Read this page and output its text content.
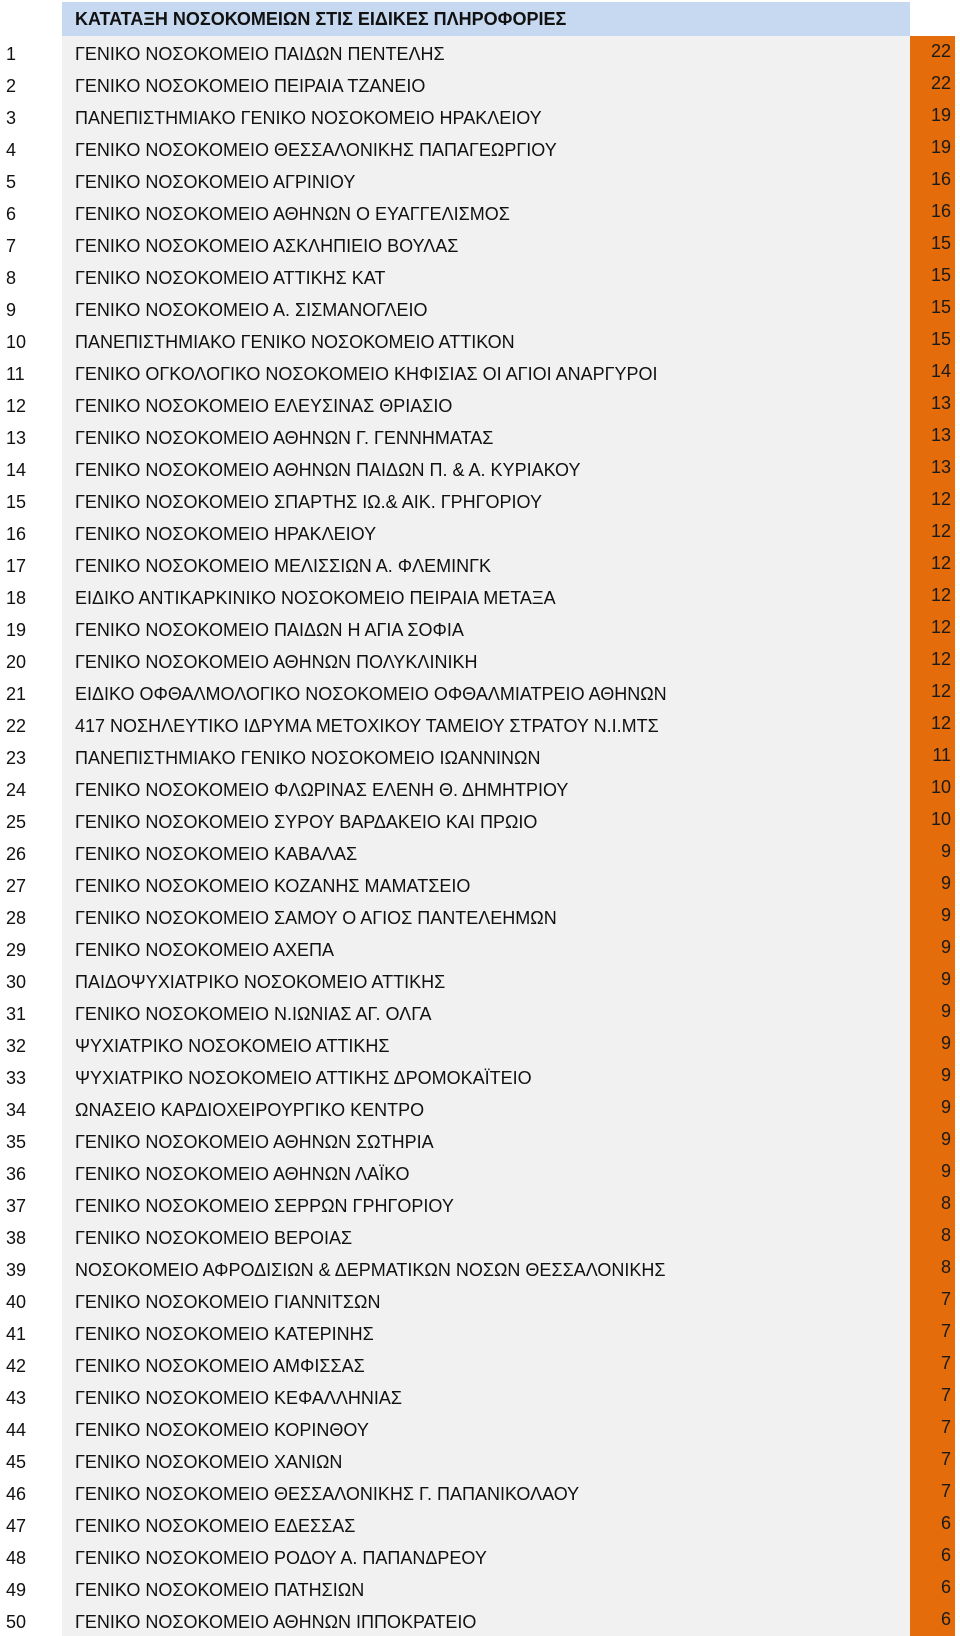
ΚΑΤΑΤΑΞΗ ΝΟΣΟΚΟΜΕΙΩΝ ΣΤΙΣ ΕΙΔΙΚΕΣ ΠΛΗΡΟΦΟΡΙΕΣ
1	ΓΕΝΙΚΟ ΝΟΣΟΚΟΜΕΙΟ ΠΑΙΔΩΝ ΠΕΝΤΕΛΗΣ	22
2	ΓΕΝΙΚΟ ΝΟΣΟΚΟΜΕΙΟ ΠΕΙΡΑΙΑ ΤΖΑΝΕΙΟ	22
3	ΠΑΝΕΠΙΣΤΗΜΙΑΚΟ ΓΕΝΙΚΟ ΝΟΣΟΚΟΜΕΙΟ ΗΡΑΚΛΕΙΟΥ	19
4	ΓΕΝΙΚΟ ΝΟΣΟΚΟΜΕΙΟ ΘΕΣΣΑΛΟΝΙΚΗΣ ΠΑΠΑΓΕΩΡΓΙΟΥ	19
5	ΓΕΝΙΚΟ ΝΟΣΟΚΟΜΕΙΟ ΑΓΡΙΝΙΟΥ	16
6	ΓΕΝΙΚΟ ΝΟΣΟΚΟΜΕΙΟ ΑΘΗΝΩΝ Ο ΕΥΑΓΓΕΛΙΣΜΟΣ	16
7	ΓΕΝΙΚΟ ΝΟΣΟΚΟΜΕΙΟ ΑΣΚΛΗΠΙΕΙΟ ΒΟΥΛΑΣ	15
8	ΓΕΝΙΚΟ ΝΟΣΟΚΟΜΕΙΟ ΑΤΤΙΚΗΣ ΚΑΤ	15
9	ΓΕΝΙΚΟ ΝΟΣΟΚΟΜΕΙΟ Α. ΣΙΣΜΑΝΟΓΛΕΙΟ	15
10	ΠΑΝΕΠΙΣΤΗΜΙΑΚΟ ΓΕΝΙΚΟ ΝΟΣΟΚΟΜΕΙΟ ΑΤΤΙΚΟΝ	15
11	ΓΕΝΙΚΟ ΟΓΚΟΛΟΓΙΚΟ ΝΟΣΟΚΟΜΕΙΟ ΚΗΦΙΣΙΑΣ ΟΙ ΑΓΙΟΙ ΑΝΑΡΓΥΡΟΙ	14
12	ΓΕΝΙΚΟ ΝΟΣΟΚΟΜΕΙΟ ΕΛΕΥΣΙΝΑΣ ΘΡΙΑΣΙΟ	13
13	ΓΕΝΙΚΟ ΝΟΣΟΚΟΜΕΙΟ ΑΘΗΝΩΝ Γ. ΓΕΝΝΗΜΑΤΑΣ	13
14	ΓΕΝΙΚΟ ΝΟΣΟΚΟΜΕΙΟ ΑΘΗΝΩΝ ΠΑΙΔΩΝ Π. & Α. ΚΥΡΙΑΚΟΥ	13
15	ΓΕΝΙΚΟ ΝΟΣΟΚΟΜΕΙΟ ΣΠΑΡΤΗΣ ΙΩ.& ΑΙΚ. ΓΡΗΓΟΡΙΟΥ	12
16	ΓΕΝΙΚΟ ΝΟΣΟΚΟΜΕΙΟ ΗΡΑΚΛΕΙΟΥ	12
17	ΓΕΝΙΚΟ ΝΟΣΟΚΟΜΕΙΟ ΜΕΛΙΣΣΙΩΝ Α. ΦΛΕΜΙΝΓΚ	12
18	ΕΙΔΙΚΟ ΑΝΤΙΚΑΡΚΙΝΙΚΟ ΝΟΣΟΚΟΜΕΙΟ ΠΕΙΡΑΙΑ ΜΕΤΑΞΑ	12
19	ΓΕΝΙΚΟ ΝΟΣΟΚΟΜΕΙΟ ΠΑΙΔΩΝ Η ΑΓΙΑ ΣΟΦΙΑ	12
20	ΓΕΝΙΚΟ ΝΟΣΟΚΟΜΕΙΟ ΑΘΗΝΩΝ ΠΟΛΥΚΛΙΝΙΚΗ	12
21	ΕΙΔΙΚΟ ΟΦΘΑΛΜΟΛΟΓΙΚΟ ΝΟΣΟΚΟΜΕΙΟ ΟΦΘΑΛΜΙΑΤΡΕΙΟ ΑΘΗΝΩΝ	12
22	417 ΝΟΣΗΛΕΥΤΙΚΟ ΙΔΡΥΜΑ ΜΕΤΟΧΙΚΟΥ ΤΑΜΕΙΟΥ ΣΤΡΑΤΟΥ Ν.Ι.ΜΤΣ	12
23	ΠΑΝΕΠΙΣΤΗΜΙΑΚΟ ΓΕΝΙΚΟ ΝΟΣΟΚΟΜΕΙΟ ΙΩΑΝΝΙΝΩΝ	11
24	ΓΕΝΙΚΟ ΝΟΣΟΚΟΜΕΙΟ ΦΛΩΡΙΝΑΣ ΕΛΕΝΗ Θ. ΔΗΜΗΤΡΙΟΥ	10
25	ΓΕΝΙΚΟ ΝΟΣΟΚΟΜΕΙΟ ΣΥΡΟΥ ΒΑΡΔΑΚΕΙΟ ΚΑΙ ΠΡΩΙΟ	10
26	ΓΕΝΙΚΟ ΝΟΣΟΚΟΜΕΙΟ ΚΑΒΑΛΑΣ	9
27	ΓΕΝΙΚΟ ΝΟΣΟΚΟΜΕΙΟ ΚΟΖΑΝΗΣ ΜΑΜΑΤΣΕΙΟ	9
28	ΓΕΝΙΚΟ ΝΟΣΟΚΟΜΕΙΟ ΣΑΜΟΥ Ο ΑΓΙΟΣ ΠΑΝΤΕΛΕΗΜΩΝ	9
29	ΓΕΝΙΚΟ ΝΟΣΟΚΟΜΕΙΟ ΑΧΕΠΑ	9
30	ΠΑΙΔΟΨΥΧΙΑΤΡΙΚΟ ΝΟΣΟΚΟΜΕΙΟ ΑΤΤΙΚΗΣ	9
31	ΓΕΝΙΚΟ ΝΟΣΟΚΟΜΕΙΟ Ν.ΙΩΝΙΑΣ ΑΓ. ΟΛΓΑ	9
32	ΨΥΧΙΑΤΡΙΚΟ ΝΟΣΟΚΟΜΕΙΟ ΑΤΤΙΚΗΣ	9
33	ΨΥΧΙΑΤΡΙΚΟ ΝΟΣΟΚΟΜΕΙΟ ΑΤΤΙΚΗΣ ΔΡΟΜΟΚΑΪΤΕΙΟ	9
34	ΩΝΑΣΕΙΟ ΚΑΡΔΙΟΧΕΙΡΟΥΡΓΙΚΟ ΚΕΝΤΡΟ	9
35	ΓΕΝΙΚΟ ΝΟΣΟΚΟΜΕΙΟ ΑΘΗΝΩΝ ΣΩΤΗΡΙΑ	9
36	ΓΕΝΙΚΟ ΝΟΣΟΚΟΜΕΙΟ ΑΘΗΝΩΝ ΛΑΪΚΟ	9
37	ΓΕΝΙΚΟ ΝΟΣΟΚΟΜΕΙΟ ΣΕΡΡΩΝ ΓΡΗΓΟΡΙΟΥ	8
38	ΓΕΝΙΚΟ ΝΟΣΟΚΟΜΕΙΟ ΒΕΡΟΙΑΣ	8
39	ΝΟΣΟΚΟΜΕΙΟ ΑΦΡΟΔΙΣΙΩΝ & ΔΕΡΜΑΤΙΚΩΝ ΝΟΣΩΝ ΘΕΣΣΑΛΟΝΙΚΗΣ	8
40	ΓΕΝΙΚΟ ΝΟΣΟΚΟΜΕΙΟ ΓΙΑΝΝΙΤΣΩΝ	7
41	ΓΕΝΙΚΟ ΝΟΣΟΚΟΜΕΙΟ ΚΑΤΕΡΙΝΗΣ	7
42	ΓΕΝΙΚΟ ΝΟΣΟΚΟΜΕΙΟ ΑΜΦΙΣΣΑΣ	7
43	ΓΕΝΙΚΟ ΝΟΣΟΚΟΜΕΙΟ ΚΕΦΑΛΛΗΝΙΑΣ	7
44	ΓΕΝΙΚΟ ΝΟΣΟΚΟΜΕΙΟ ΚΟΡΙΝΘΟΥ	7
45	ΓΕΝΙΚΟ ΝΟΣΟΚΟΜΕΙΟ ΧΑΝΙΩΝ	7
46	ΓΕΝΙΚΟ ΝΟΣΟΚΟΜΕΙΟ ΘΕΣΣΑΛΟΝΙΚΗΣ Γ. ΠΑΠΑΝΙΚΟΛΑΟΥ	7
47	ΓΕΝΙΚΟ ΝΟΣΟΚΟΜΕΙΟ ΕΔΕΣΣΑΣ	6
48	ΓΕΝΙΚΟ ΝΟΣΟΚΟΜΕΙΟ ΡΟΔΟΥ Α. ΠΑΠΑΝΔΡΕΟΥ	6
49	ΓΕΝΙΚΟ ΝΟΣΟΚΟΜΕΙΟ ΠΑΤΗΣΙΩΝ	6
50	ΓΕΝΙΚΟ ΝΟΣΟΚΟΜΕΙΟ ΑΘΗΝΩΝ ΙΠΠΟΚΡΑΤΕΙΟ	6
